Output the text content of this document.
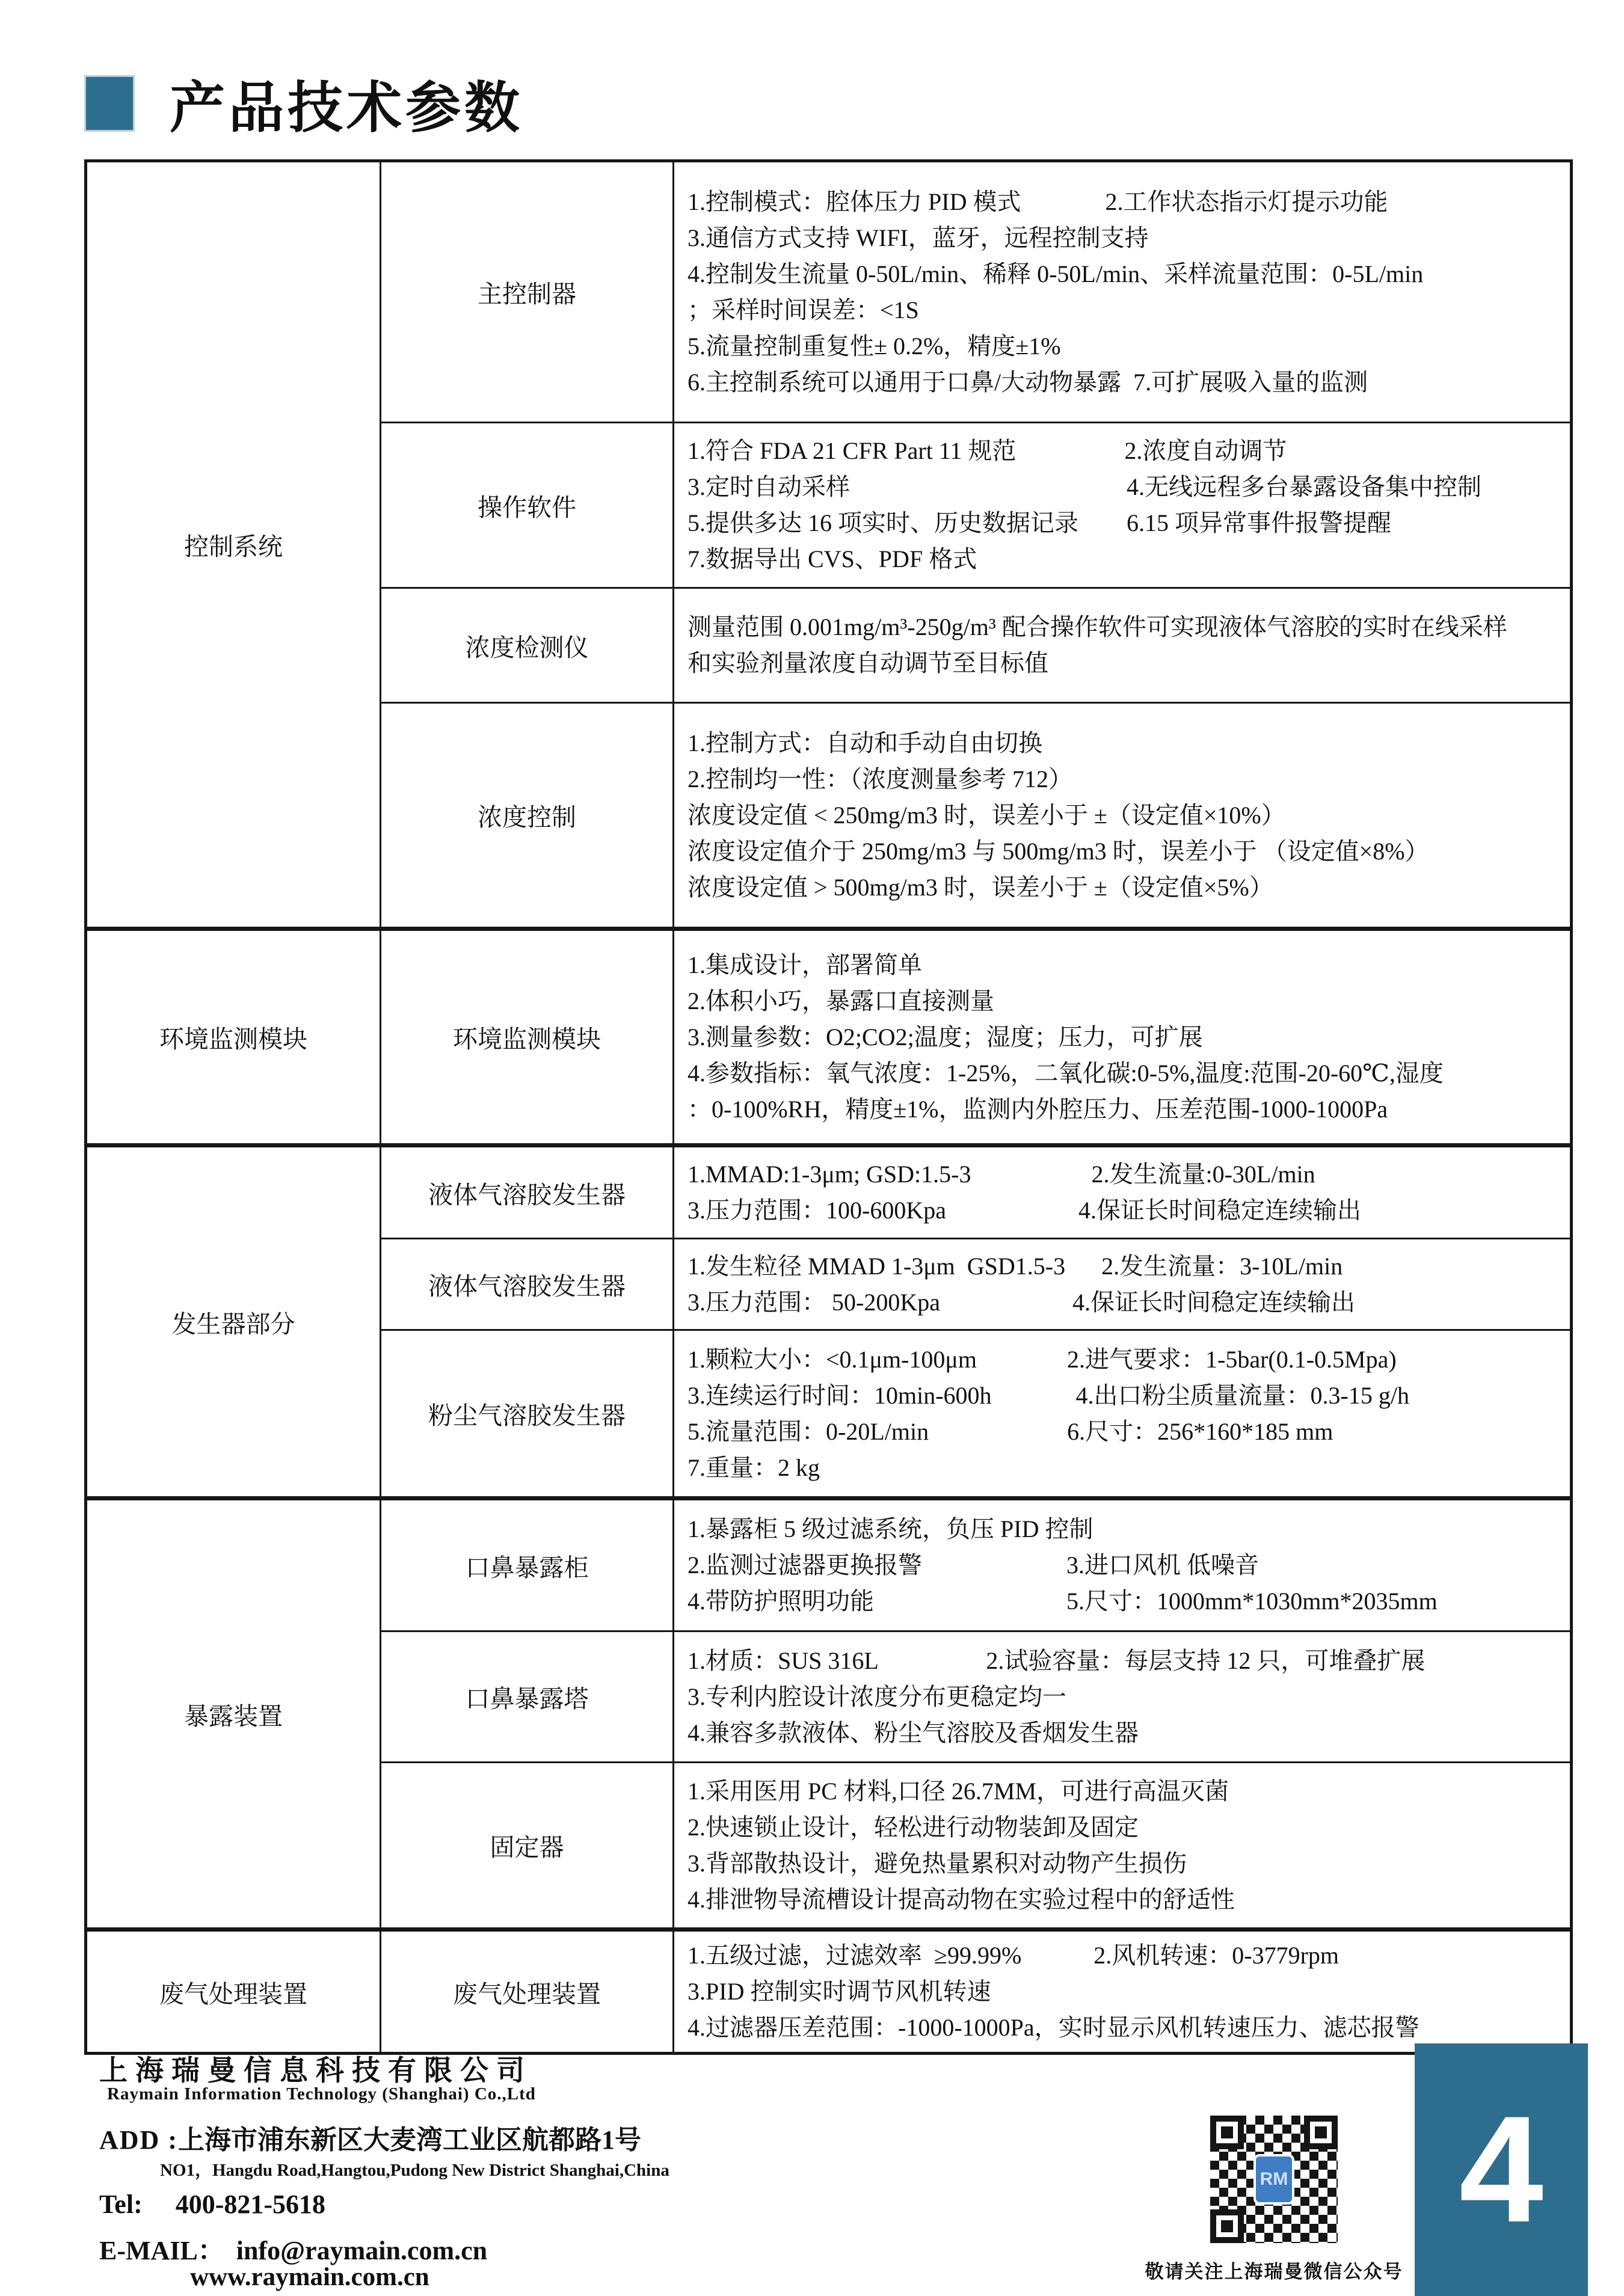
产品技术参数
控制系统	主控制器	
1.控制模式：腔体压力 PID 模式              2.工作状态指示灯提示功能
3.通信方式支持 WIFI，蓝牙，远程控制支持
4.控制发生流量 0-50L/min、稀释 0-50L/min、采样流量范围：0-5L/min
；采样时间误差：<1S
5.流量控制重复性± 0.2%，精度±1%
6.主控制系统可以通用于口鼻/大动物暴露  7.可扩展吸入量的监测

	操作软件	1.符合 FDA 21 CFR Part 11 规范                  2.浓度自动调节
3.定时自动采样                                              4.无线远程多台暴露设备集中控制
5.提供多达 16 项实时、历史数据记录        6.15 项异常事件报警提醒
7.数据导出 CVS、PDF 格式

	浓度检测仪	测量范围 0.001mg/m³-250g/m³ 配合操作软件可实现液体气溶胶的实时在线采样
和实验剂量浓度自动调节至目标值

	浓度控制	1.控制方式：自动和手动自由切换
2.控制均一性：（浓度测量参考 712）
浓度设定值 < 250mg/m3 时，误差小于 ±（设定值×10%）
浓度设定值介于 250mg/m3 与 500mg/m3 时，误差小于 （设定值×8%）
浓度设定值 > 500mg/m3 时，误差小于 ±（设定值×5%）

环境监测模块	环境监测模块	1.集成设计，部署简单
2.体积小巧，暴露口直接测量
3.测量参数：O2;CO2;温度；湿度；压力，可扩展
4.参数指标：氧气浓度：1-25%，二氧化碳:0-5%,温度:范围-20-60℃,湿度
：0-100%RH，精度±1%，监测内外腔压力、压差范围-1000-1000Pa

发生器部分	液体气溶胶发生器	1.MMAD:1-3μm; GSD:1.5-3                    2.发生流量:0-30L/min
3.压力范围：100-600Kpa                      4.保证长时间稳定连续输出

	液体气溶胶发生器	1.发生粒径 MMAD 1-3μm  GSD1.5-3      2.发生流量：3-10L/min
3.压力范围： 50-200Kpa                      4.保证长时间稳定连续输出

	粉尘气溶胶发生器	1.颗粒大小：<0.1μm-100μm               2.进气要求：1-5bar(0.1-0.5Mpa)
3.连续运行时间：10min-600h              4.出口粉尘质量流量：0.3-15 g/h
5.流量范围：0-20L/min                       6.尺寸：256*160*185 mm
7.重量：2 kg

暴露装置	口鼻暴露柜	1.暴露柜 5 级过滤系统，负压 PID 控制
2.监测过滤器更换报警                        3.进口风机 低噪音
4.带防护照明功能                                5.尺寸：1000mm*1030mm*2035mm

	口鼻暴露塔	1.材质：SUS 316L                  2.试验容量：每层支持 12 只，可堆叠扩展
3.专利内腔设计浓度分布更稳定均一
4.兼容多款液体、粉尘气溶胶及香烟发生器

	固定器	1.采用医用 PC 材料,口径 26.7MM，可进行高温灭菌
2.快速锁止设计，轻松进行动物装卸及固定
3.背部散热设计，避免热量累积对动物产生损伤
4.排泄物导流槽设计提高动物在实验过程中的舒适性

废气处理装置	废气处理装置	1.五级过滤，过滤效率  ≥99.99%            2.风机转速：0-3779rpm
3.PID 控制实时调节风机转速
4.过滤器压差范围：-1000-1000Pa，实时显示风机转速压力、滤芯报警
上海瑞曼信息科技有限公司
Raymain Information Technology (Shanghai) Co.,Ltd
ADD :上海市浦东新区大麦湾工业区航都路1号
NO1，Hangdu Road,Hangtou,Pudong New District Shanghai,China
Tel: 400-821-5618
E-MAIL： info@raymain.com.cn
www.raymain.com.cn
RM
敬请关注上海瑞曼微信公众号
4
